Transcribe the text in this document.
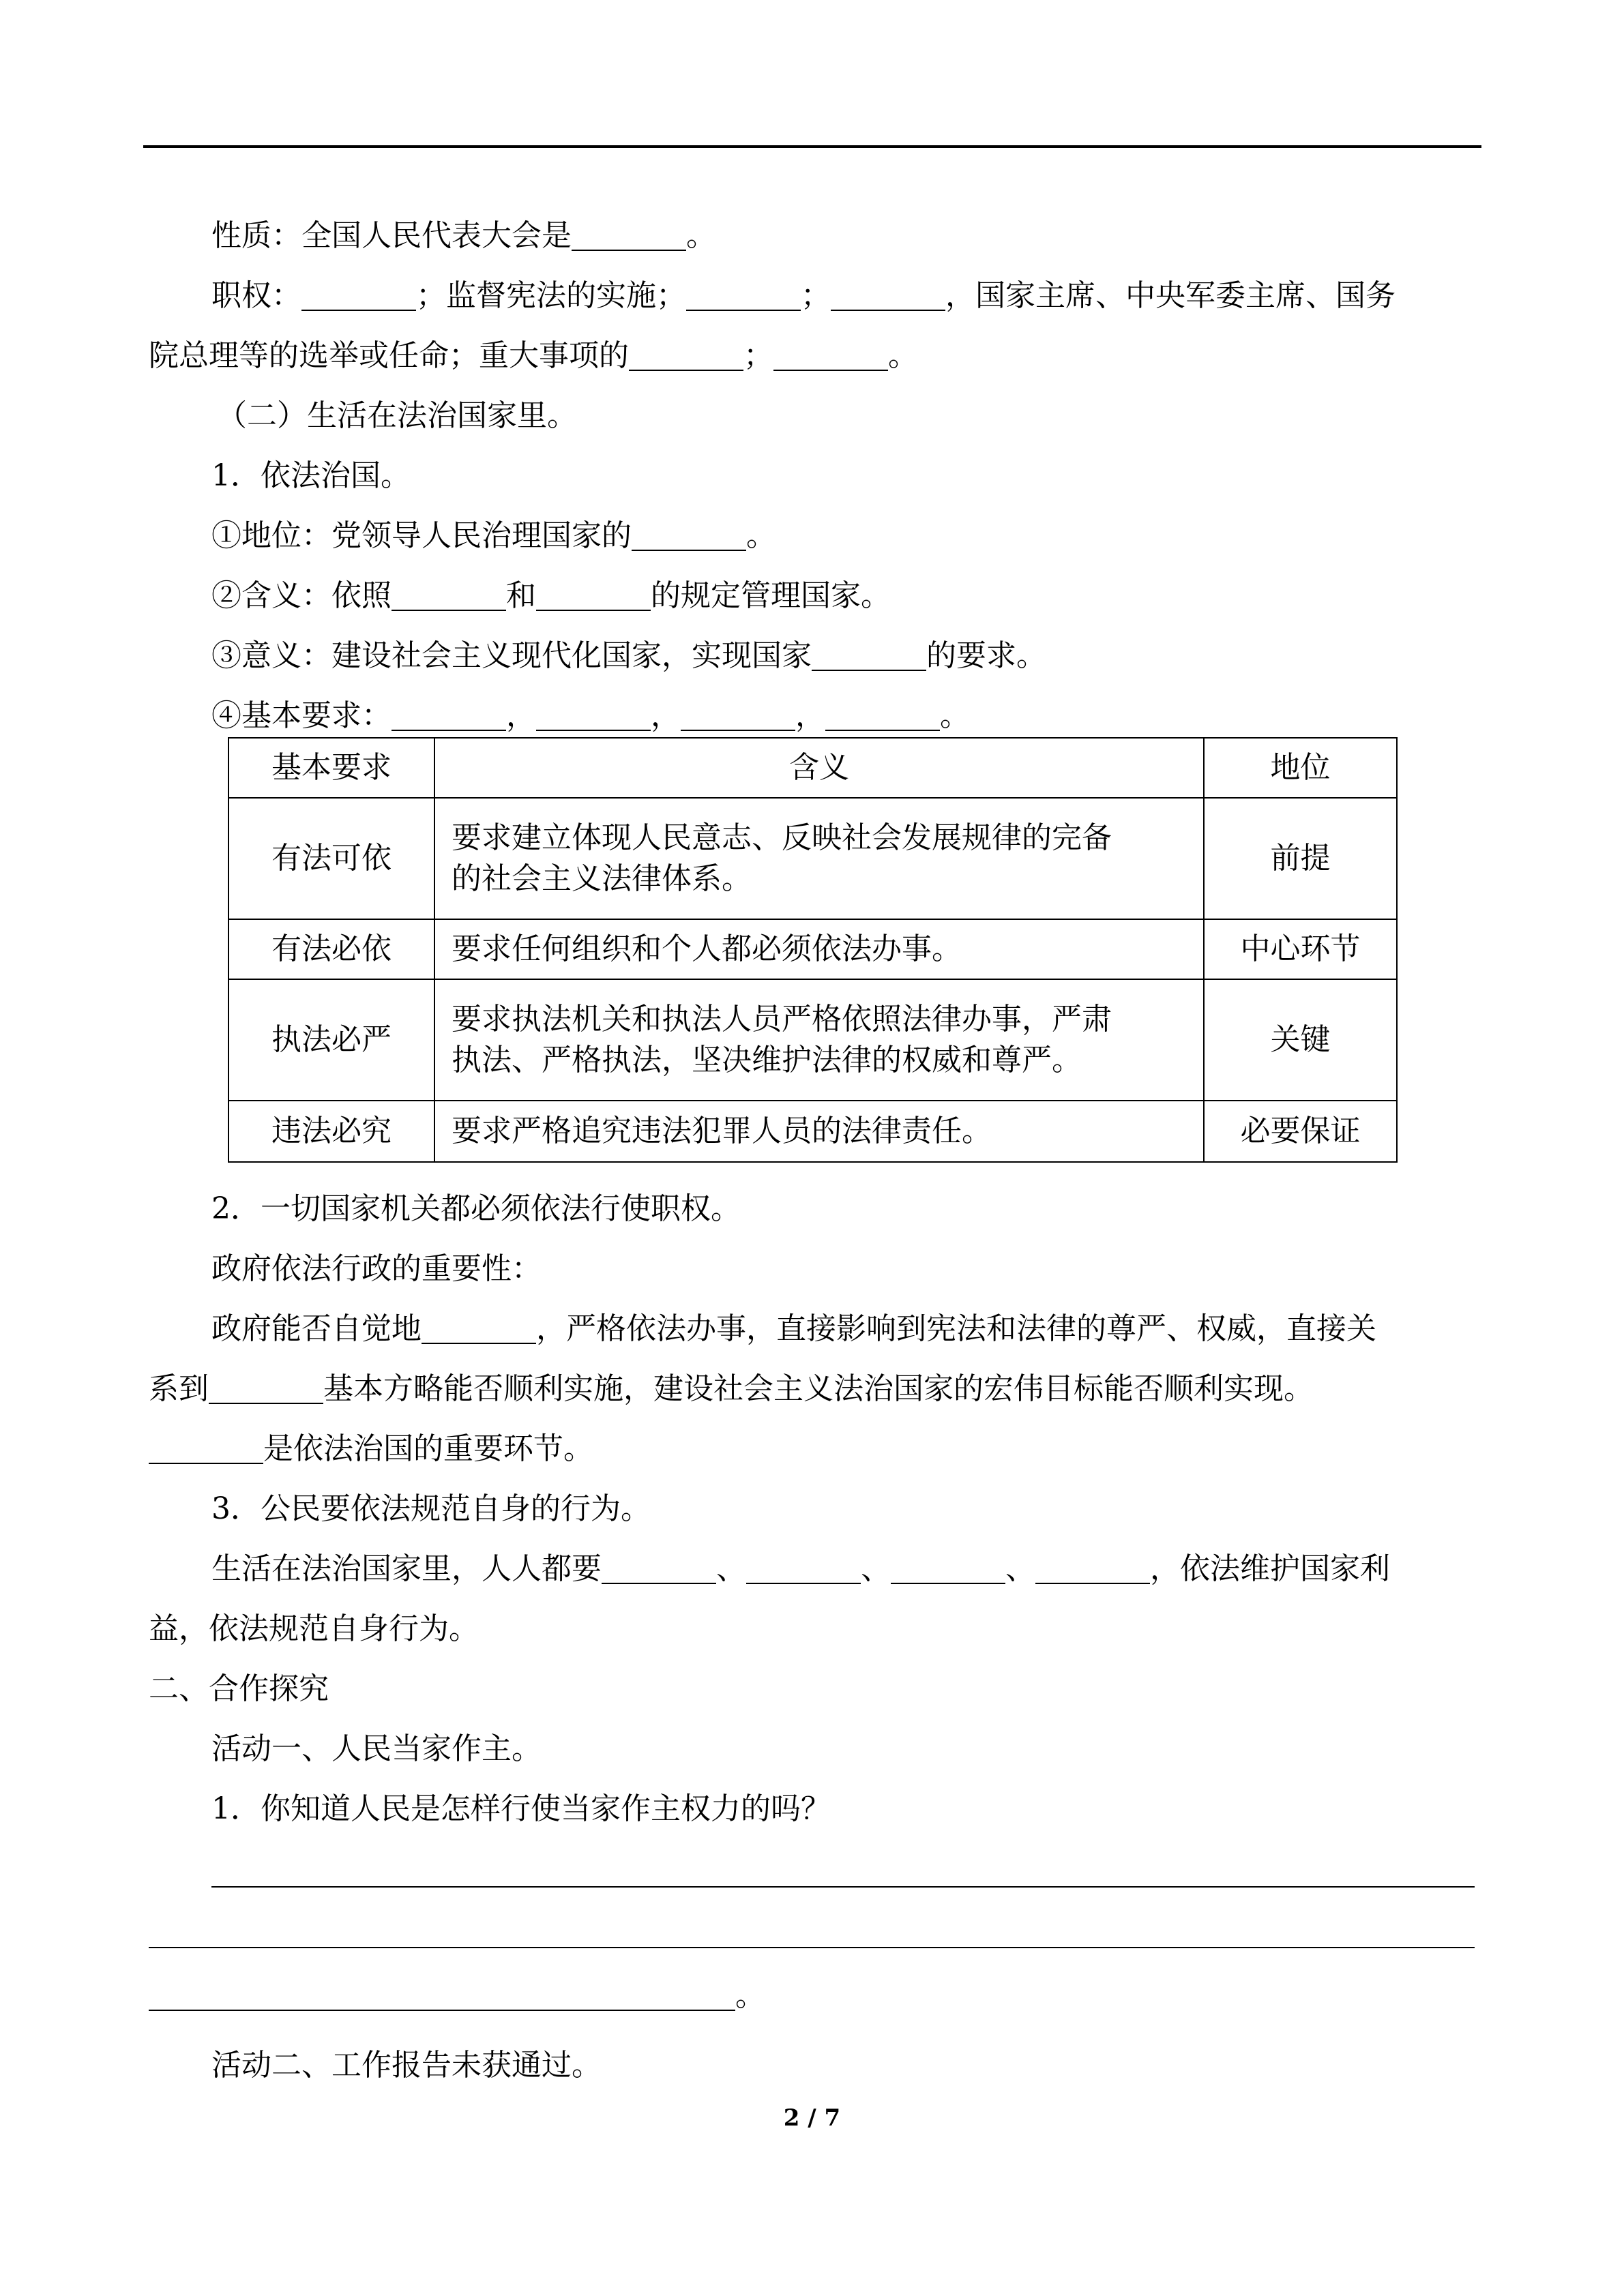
性质：全国人民代表大会是	。
职权：	；监督宪法的实施；	；	，国家主席、中央军委主席、国务
院总理等的选举或任命；重大事项的	；	。
（二）生活在法治国家里。
1．依法治国。
①地位：党领导人民治理国家的	。
②含义：依照	和	的规定管理国家。
③意义：建设社会主义现代化国家，实现国家	的要求。
④基本要求：	，	，	，	。
基本要求	含义	地位
有法可依	要求建立体现人民意志、反映社会发展规律的完备
的社会主义法律体系。	前提
有法必依	要求任何组织和个人都必须依法办事。	中心环节
执法必严	要求执法机关和执法人员严格依照法律办事，严肃
执法、严格执法，坚决维护法律的权威和尊严。	关键
违法必究	要求严格追究违法犯罪人员的法律责任。	必要保证
2．一切国家机关都必须依法行使职权。
政府依法行政的重要性：
政府能否自觉地	，严格依法办事，直接影响到宪法和法律的尊严、权威，直接关
系到	基本方略能否顺利实施，建设社会主义法治国家的宏伟目标能否顺利实现。
是依法治国的重要环节。
3．公民要依法规范自身的行为。
生活在法治国家里，人人都要	、	、	、	，依法维护国家利
益，依法规范自身行为。
二、合作探究
活动一、人民当家作主。
1．你知道人民是怎样行使当家作主权力的吗？
。
活动二、工作报告未获通过。
2 / 7
